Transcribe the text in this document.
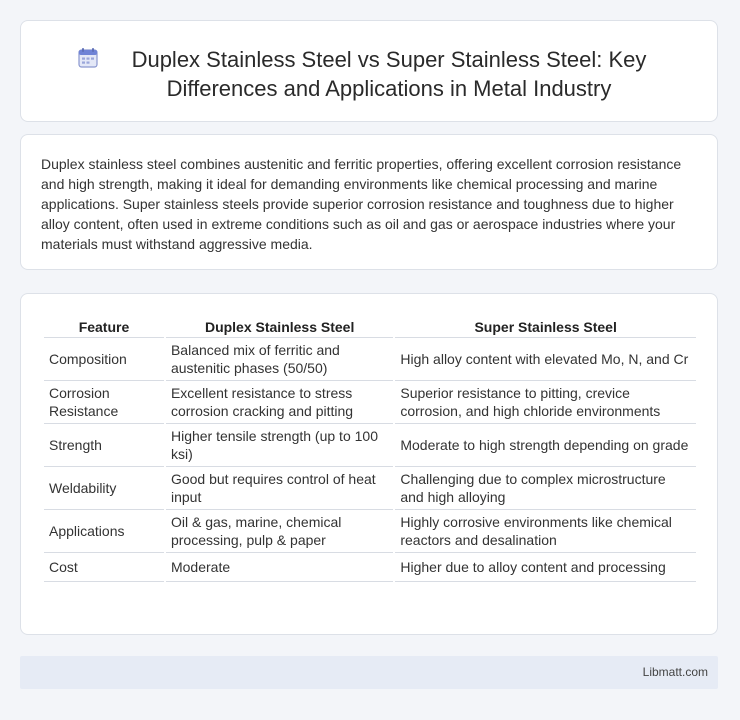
Duplex Stainless Steel vs Super Stainless Steel: Key Differences and Applications in Metal Industry
Duplex stainless steel combines austenitic and ferritic properties, offering excellent corrosion resistance and high strength, making it ideal for demanding environments like chemical processing and marine applications. Super stainless steels provide superior corrosion resistance and toughness due to higher alloy content, often used in extreme conditions such as oil and gas or aerospace industries where your materials must withstand aggressive media.
Feature	Duplex Stainless Steel	Super Stainless Steel
Composition	Balanced mix of ferritic and austenitic phases (50/50)	High alloy content with elevated Mo, N, and Cr
Corrosion Resistance	Excellent resistance to stress corrosion cracking and pitting	Superior resistance to pitting, crevice corrosion, and high chloride environments
Strength	Higher tensile strength (up to 100 ksi)	Moderate to high strength depending on grade
Weldability	Good but requires control of heat input	Challenging due to complex microstructure and high alloying
Applications	Oil & gas, marine, chemical processing, pulp & paper	Highly corrosive environments like chemical reactors and desalination
Cost	Moderate	Higher due to alloy content and processing
Libmatt.com
